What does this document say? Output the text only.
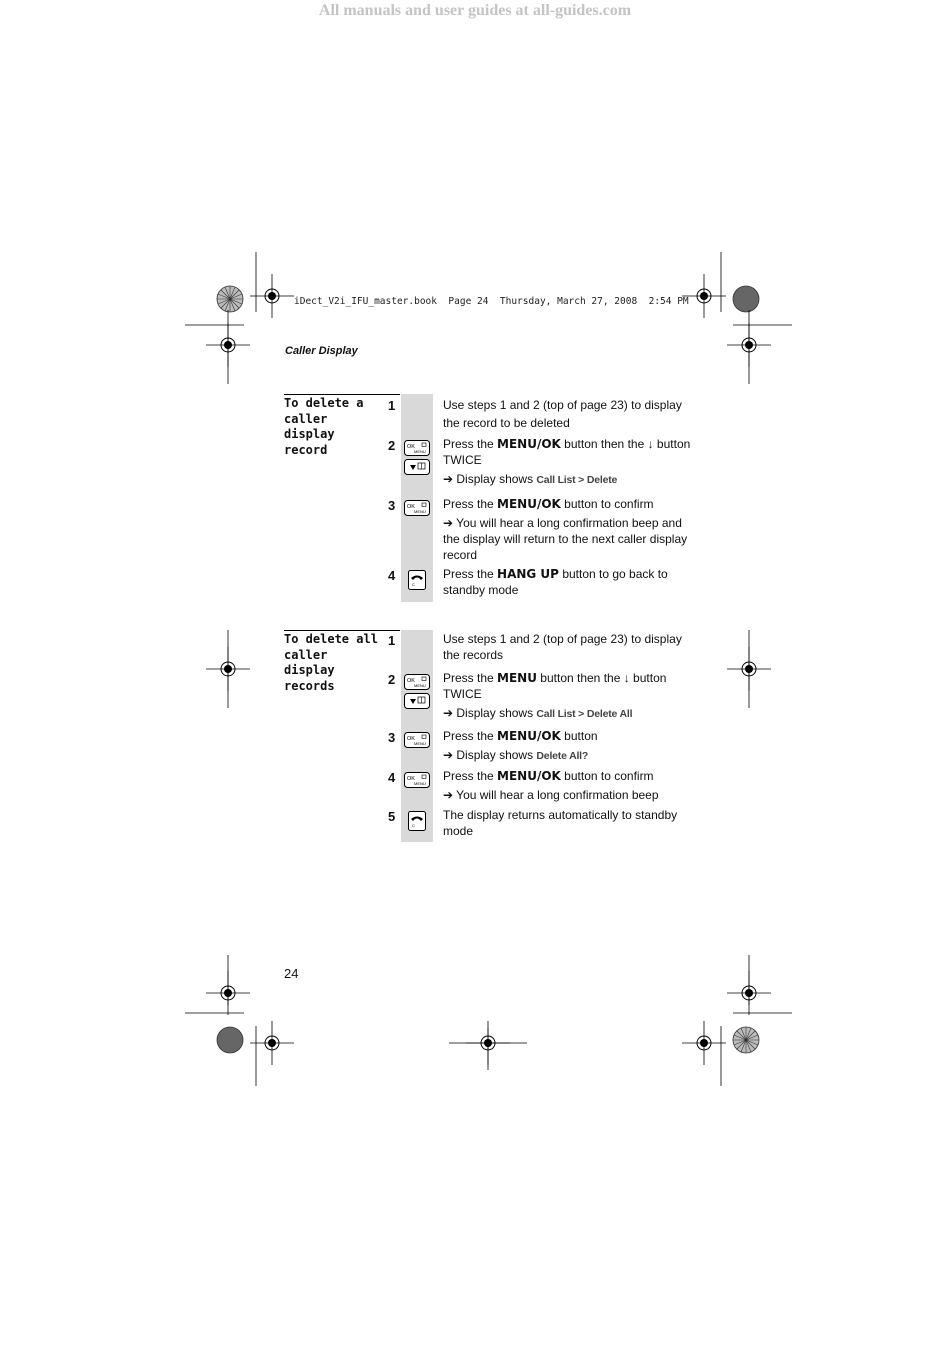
All manuals and user guides at all-guides.com
iDect_V2i_IFU_master.book  Page 24  Thursday, March 27, 2008  2:54 PM
Caller Display
To delete a caller display record
1	Use steps 1 and 2 (top of page 23) to display the record to be deleted
2 OK
MENU

Press the MENU/OK button then the ↓ button TWICE

➔ Display shows Call List > Delete

3 OK
MENU

Press the MENU/OK button to confirm

➔ You will hear a long confirmation beep and the display will return to the next caller display record

4
C

Press the HANG UP button to go back to standby mode

To delete all caller display records
1	Use steps 1 and 2 (top of page 23) to display the records
2 OK
MENU

Press the MENU button then the ↓ button TWICE

➔ Display shows Call List > Delete All

3 OK
MENU

Press the MENU/OK button

➔ Display shows Delete All?

4 OK
MENU

Press the MENU/OK button to confirm

➔ You will hear a long confirmation beep

5
C
The display returns automatically to standby mode
24
